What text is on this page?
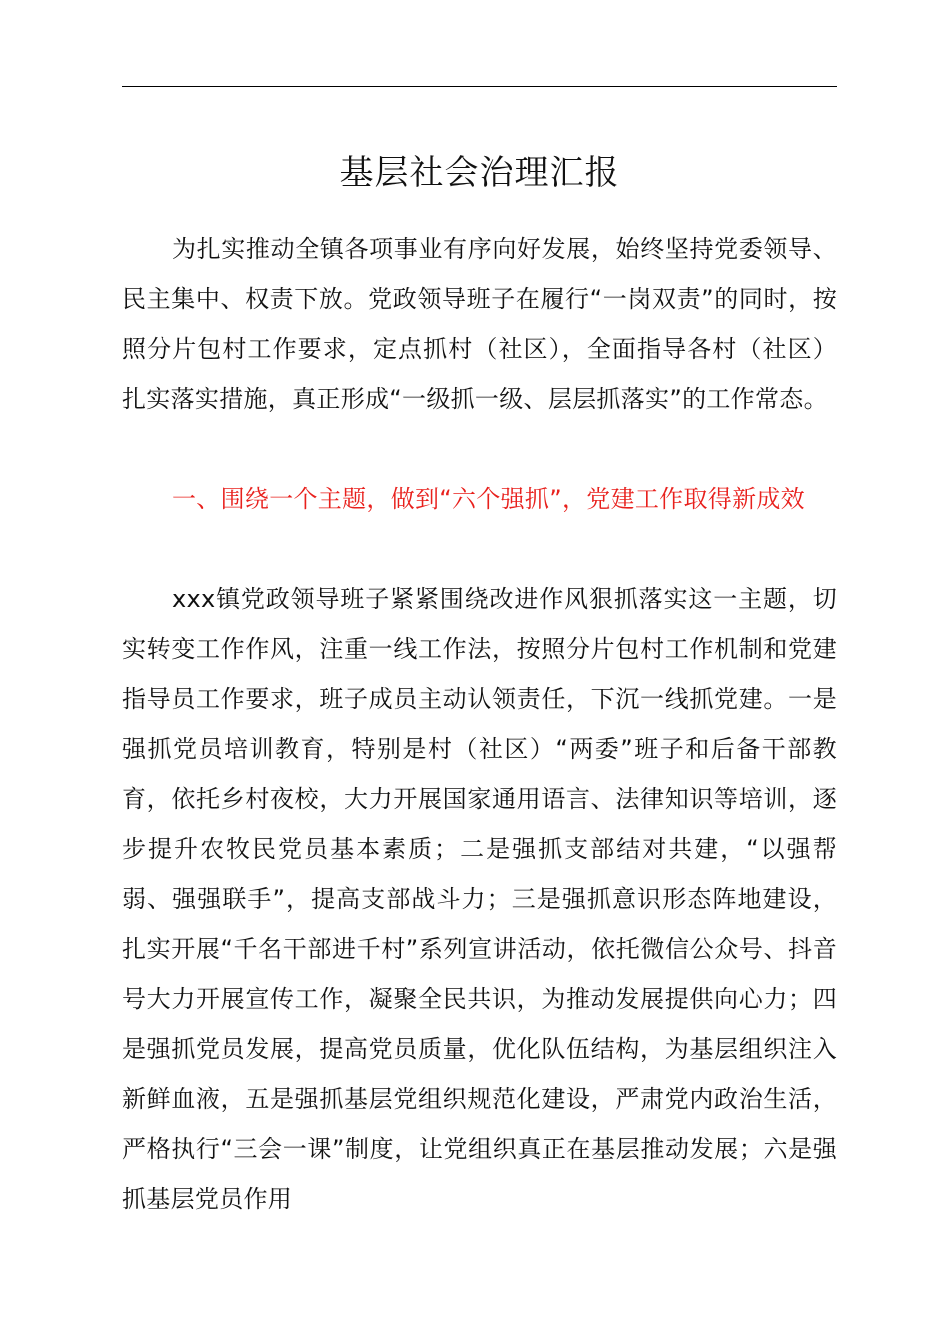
基层社会治理汇报

为扎实推动全镇各项事业有序向好发展，始终坚持党委领导、民主集中、权责下放。党政领导班子在履行“一岗双责”的同时，按照分片包村工作要求，定点抓村（社区），全面指导各村（社区）扎实落实措施，真正形成“一级抓一级、层层抓落实”的工作常态。

一、围绕一个主题，做到“六个强抓”，党建工作取得新成效

xxx镇党政领导班子紧紧围绕改进作风狠抓落实这一主题，切实转变工作作风，注重一线工作法，按照分片包村工作机制和党建指导员工作要求，班子成员主动认领责任，下沉一线抓党建。一是强抓党员培训教育，特别是村（社区）“两委”班子和后备干部教育，依托乡村夜校，大力开展国家通用语言、法律知识等培训，逐步提升农牧民党员基本素质；二是强抓支部结对共建，“以强帮弱、强强联手”，提高支部战斗力；三是强抓意识形态阵地建设，扎实开展“千名干部进千村”系列宣讲活动，依托微信公众号、抖音号大力开展宣传工作，凝聚全民共识，为推动发展提供向心力；四是强抓党员发展，提高党员质量，优化队伍结构，为基层组织注入新鲜血液，五是强抓基层党组织规范化建设，严肃党内政治生活，严格执行“三会一课”制度，让党组织真正在基层推动发展；六是强抓基层党员作用
